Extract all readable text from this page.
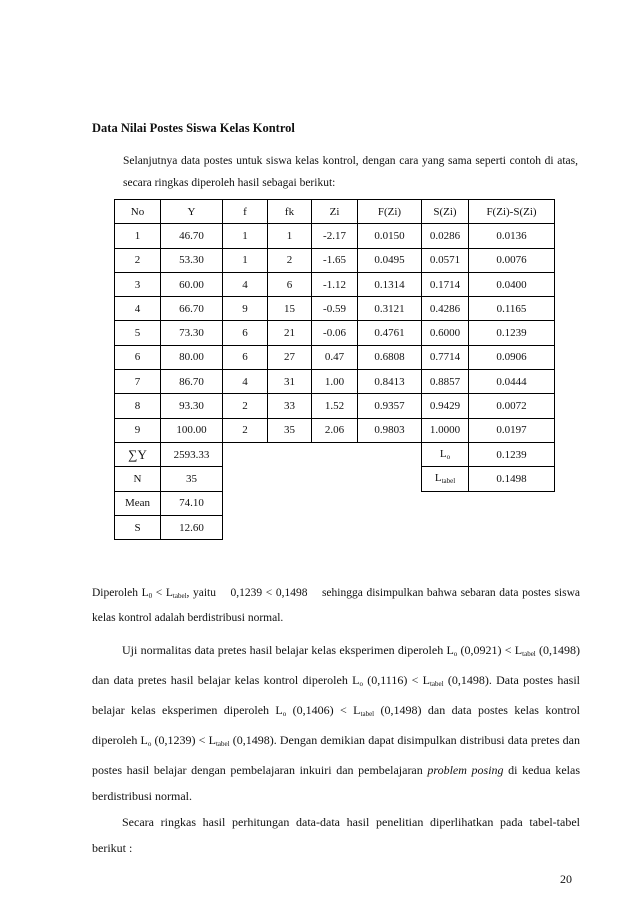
Data Nilai Postes Siswa Kelas Kontrol
Selanjutnya data postes untuk siswa kelas kontrol, dengan cara yang sama seperti contoh di atas, secara ringkas diperoleh hasil sebagai berikut:
No	Y	f	fk	Zi	F(Zi)	S(Zi)	F(Zi)-S(Zi)
1	46.70	1	1	-2.17	0.0150	0.0286	0.0136
2	53.30	1	2	-1.65	0.0495	0.0571	0.0076
3	60.00	4	6	-1.12	0.1314	0.1714	0.0400
4	66.70	9	15	-0.59	0.3121	0.4286	0.1165
5	73.30	6	21	-0.06	0.4761	0.6000	0.1239
6	80.00	6	27	0.47	0.6808	0.7714	0.0906
7	86.70	4	31	1.00	0.8413	0.8857	0.0444
8	93.30	2	33	1.52	0.9357	0.9429	0.0072
9	100.00	2	35	2.06	0.9803	1.0000	0.0197
∑Y	2593.33					$L_o$	0.1239
N	35					$L_{tabel}$	0.1498
Mean	74.10						
S	12.60						
Diperoleh $L_0 < L_{tabel}$, yaitu    0,1239 < 0,1498    sehingga disimpulkan bahwa sebaran data postes siswa kelas kontrol adalah berdistribusi normal.
Uji normalitas data pretes hasil belajar kelas eksperimen diperoleh $L_o$ $(0,0921) < L_{tabel}$ (0,1498) dan data pretes hasil belajar kelas kontrol diperoleh $L_o$ $(0,1116) < L_{tabel}$ (0,1498). Data postes hasil belajar kelas eksperimen diperoleh $L_o$ $(0,1406) < L_{tabel}$ (0,1498) dan data postes kelas kontrol diperoleh $L_o$ $(0,1239) < L_{tabel}$ (0,1498). Dengan demikian dapat disimpulkan distribusi data pretes dan postes hasil belajar dengan pembelajaran inkuiri dan pembelajaran problem posing di kedua kelas berdistribusi normal.
Secara ringkas hasil perhitungan data-data hasil penelitian diperlihatkan pada tabel-tabel berikut :
20
